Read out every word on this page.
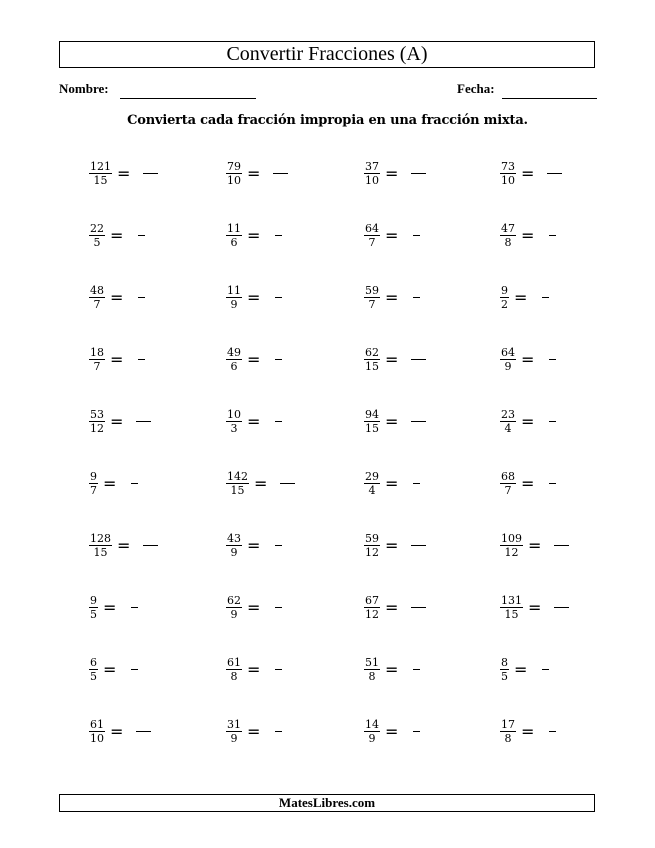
Convertir Fracciones (A)
Nombre:	Fecha:
Convierta cada fracción impropia en una fracción mixta.
$\frac{121}{15}$ =	$\frac{79}{10}$ =	$\frac{37}{10}$ =	$\frac{73}{10}$ =
$\frac{22}{5}$ =	$\frac{11}{6}$ =	$\frac{64}{7}$ =	$\frac{47}{8}$ =
$\frac{48}{7}$ =	$\frac{11}{9}$ =	$\frac{59}{7}$ =	$\frac{9}{2}$ =
$\frac{18}{7}$ =	$\frac{49}{6}$ =	$\frac{62}{15}$ =	$\frac{64}{9}$ =
$\frac{53}{12}$ =	$\frac{10}{3}$ =	$\frac{94}{15}$ =	$\frac{23}{4}$ =
$\frac{9}{7}$ =	$\frac{142}{15}$ =	$\frac{29}{4}$ =	$\frac{68}{7}$ =
$\frac{128}{15}$ =	$\frac{43}{9}$ =	$\frac{59}{12}$ =	$\frac{109}{12}$ =
$\frac{9}{5}$ =	$\frac{62}{9}$ =	$\frac{67}{12}$ =	$\frac{131}{15}$ =
$\frac{6}{5}$ =	$\frac{61}{8}$ =	$\frac{51}{8}$ =	$\frac{8}{5}$ =
$\frac{61}{10}$ =	$\frac{31}{9}$ =	$\frac{14}{9}$ =	$\frac{17}{8}$ =
MatesLibres.com
